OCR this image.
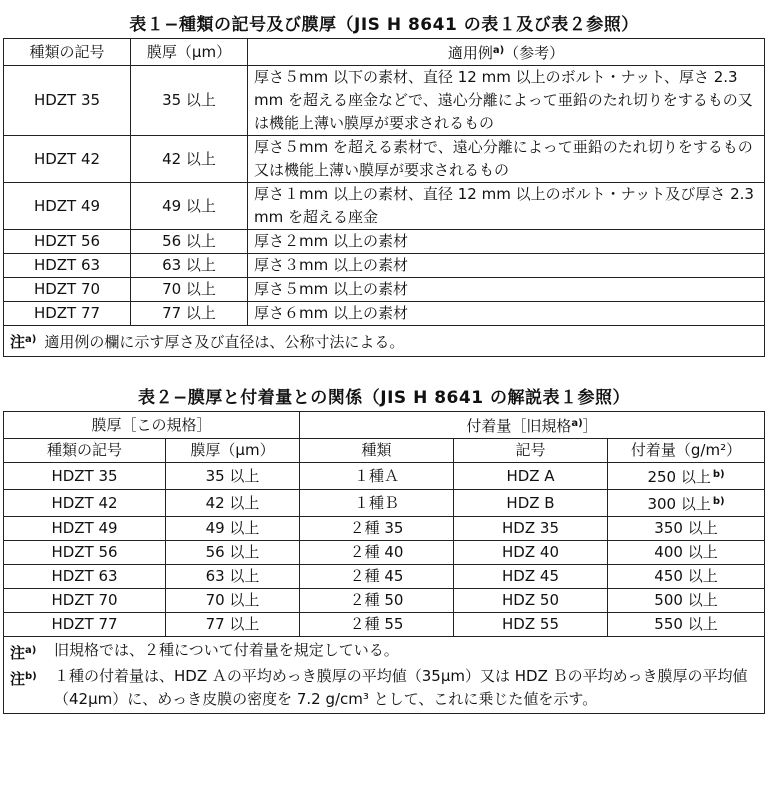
表１−種類の記号及び膜厚（JIS H 8641 の表１及び表２参照）
種類の記号	膜厚（μm）	適用例$^{a)}$（参考）
HDZT 35	35 以上	厚さ５mm 以下の素材、直径 12 mm 以上のボルト・ナット、厚さ 2.3 mm を超える座金などで、遠心分離によって亜鉛のたれ切りをするもの又は機能上薄い膜厚が要求されるもの
HDZT 42	42 以上	厚さ５mm を超える素材で、遠心分離によって亜鉛のたれ切りをするもの又は機能上薄い膜厚が要求されるもの
HDZT 49	49 以上	厚さ１mm 以上の素材、直径 12 mm 以上のボルト・ナット及び厚さ 2.3 mm を超える座金
HDZT 56	56 以上	厚さ２mm 以上の素材
HDZT 63	63 以上	厚さ３mm 以上の素材
HDZT 70	70 以上	厚さ５mm 以上の素材
HDZT 77	77 以上	厚さ６mm 以上の素材
注$^{a)}$ 適用例の欄に示す厚さ及び直径は、公称寸法による。		
表２−膜厚と付着量との関係（JIS H 8641 の解説表１参照）
膜厚［この規格］		付着量［旧規格$^{a)}$］		
種類の記号	膜厚（μm）	種類	記号	付着量（g/m²）
HDZT 35	35 以上	１種Ａ	HDZ A	250 以上 $^{b)}$
HDZT 42	42 以上	１種Ｂ	HDZ B	300 以上 $^{b)}$
HDZT 49	49 以上	２種 35	HDZ 35	350 以上
HDZT 56	56 以上	２種 40	HDZ 40	400 以上
HDZT 63	63 以上	２種 45	HDZ 45	450 以上
HDZT 70	70 以上	２種 50	HDZ 50	500 以上
HDZT 77	77 以上	２種 55	HDZ 55	550 以上

注$^{a)}$ 旧規格では、２種について付着量を規定している。
注$^{b)}$ １種の付着量は、HDZ Ａの平均めっき膜厚の平均値（35μm）又は HDZ Ｂの平均めっき膜厚の平均値（42μm）に、めっき皮膜の密度を 7.2 g/cm³ として、これに乗じた値を示す。				
